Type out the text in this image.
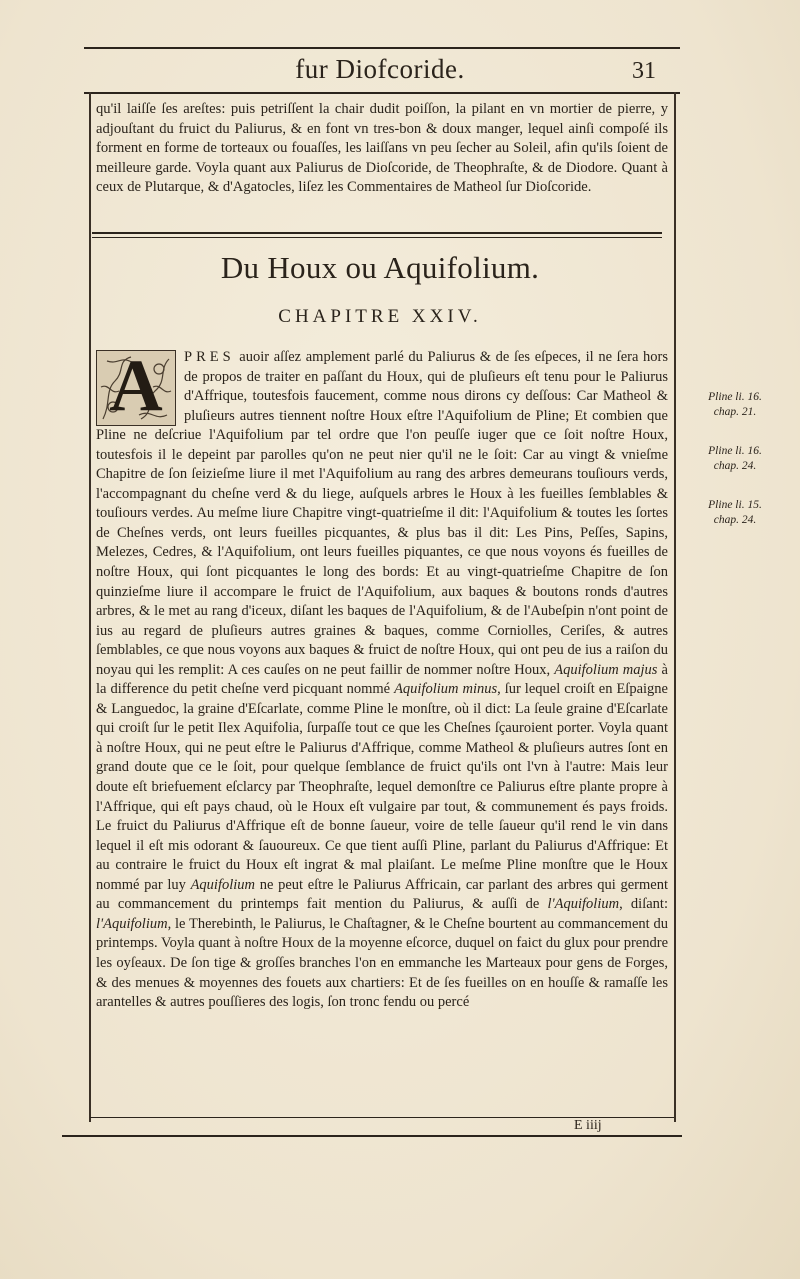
fur Diofcoride.	31

qu'il laiſſe ſes areſtes: puis petriſſent la chair dudit poiſſon, la pilant en vn mortier de pierre, y adjouſtant du fruict du Paliurus, & en font vn tres-bon & doux manger, lequel ainſi compoſé ils forment en forme de torteaux ou fouaſſes, les laiſſans vn peu ſecher au Soleil, afin qu'ils ſoient de meilleure garde. Voyla quant aux Paliurus de Dioſcoride, de Theophraſte, & de Diodore. Quant à ceux de Plutarque, & d'Agatocles, liſez les Commentaires de Matheol ſur Dioſcoride.

Du Houx ou Aquifolium.
CHAPITRE XXIV.

A	PRES auoir aſſez amplement parlé du Paliurus & de ſes eſpeces, il ne ſera hors de propos de traiter en paſſant du Houx, qui de pluſieurs eſt tenu pour le Paliurus d'Affrique, toutesfois faucement, comme nous dirons cy deſſous: Car Matheol & pluſieurs autres tiennent noſtre Houx eſtre l'Aquifolium de Pline; Et combien que Pline ne deſcriue l'Aquifolium par tel ordre que l'on peuſſe iuger que ce ſoit noſtre Houx, toutesfois il le depeint par parolles qu'on ne peut nier qu'il ne le ſoit: Car au vingt & vnieſme Chapitre de ſon ſeizieſme liure il met l'Aquifolium au rang des arbres demeurans touſiours verds, l'accompagnant du cheſne verd & du liege, auſquels arbres le Houx à les fueilles ſemblables & touſiours verdes. Au meſme liure Chapitre vingt-quatrieſme il dit: l'Aquifolium & toutes les ſortes de Cheſnes verds, ont leurs fueilles picquantes, & plus bas il dit: Les Pins, Peſſes, Sapins, Melezes, Cedres, & l'Aquifolium, ont leurs fueilles piquantes, ce que nous voyons és fueilles de noſtre Houx, qui ſont picquantes le long des bords: Et au vingt-quatrieſme Chapitre de ſon quinzieſme liure il accompare le fruict de l'Aquifolium, aux baques & boutons ronds d'autres arbres, & le met au rang d'iceux, diſant les baques de l'Aquifolium, & de l'Aubeſpin n'ont point de ius au regard de pluſieurs autres graines & baques, comme Corniolles, Ceriſes, & autres ſemblables, ce que nous voyons aux baques & fruict de noſtre Houx, qui ont peu de ius a raiſon du noyau qui les remplit: A ces cauſes on ne peut faillir de nommer noſtre Houx, Aquifolium majus à la difference du petit cheſne verd picquant nommé Aquifolium minus, ſur lequel croiſt en Eſpaigne & Languedoc, la graine d'Eſcarlate, comme Pline le monſtre, où il dict: La ſeule graine d'Eſcarlate qui croiſt ſur le petit Ilex Aquifolia, ſurpaſſe tout ce que les Cheſnes ſçauroient porter. Voyla quant à noſtre Houx, qui ne peut eſtre le Paliurus d'Affrique, comme Matheol & pluſieurs autres ſont en grand doute que ce le ſoit, pour quelque ſemblance de fruict qu'ils ont l'vn à l'autre: Mais leur doute eſt briefuement eſclarcy par Theophraſte, lequel demonſtre ce Paliurus eſtre plante propre à l'Affrique, qui eſt pays chaud, où le Houx eſt vulgaire par tout, & communement és pays froids. Le fruict du Paliurus d'Affrique eſt de bonne ſaueur, voire de telle ſaueur qu'il rend le vin dans lequel il eſt mis odorant & ſauoureux. Ce que tient auſſi Pline, parlant du Paliurus d'Affrique: Et au contraire le fruict du Houx eſt ingrat & mal plaiſant. Le meſme Pline monſtre que le Houx nommé par luy Aquifolium ne peut eſtre le Paliurus Affricain, car parlant des arbres qui germent au commancement du printemps fait mention du Paliurus, & auſſi de l'Aquifolium, diſant: l'Aquifolium, le Therebinth, le Paliurus, le Chaſtagner, & le Cheſne bourtent au commancement du printemps. Voyla quant à noſtre Houx de la moyenne eſcorce, duquel on faict du glux pour prendre les oyſeaux. De ſon tige & groſſes branches l'on en emmanche les Marteaux pour gens de Forges, & des menues & moyennes des fouets aux chartiers: Et de ſes fueilles on en houſſe & ramaſſe les arantelles & autres pouſſieres des logis, ſon tronc fendu ou percé

Pline li. 16. chap. 21.
Pline li. 16. chap. 24.
Pline li. 15. chap. 24.
E iiij
